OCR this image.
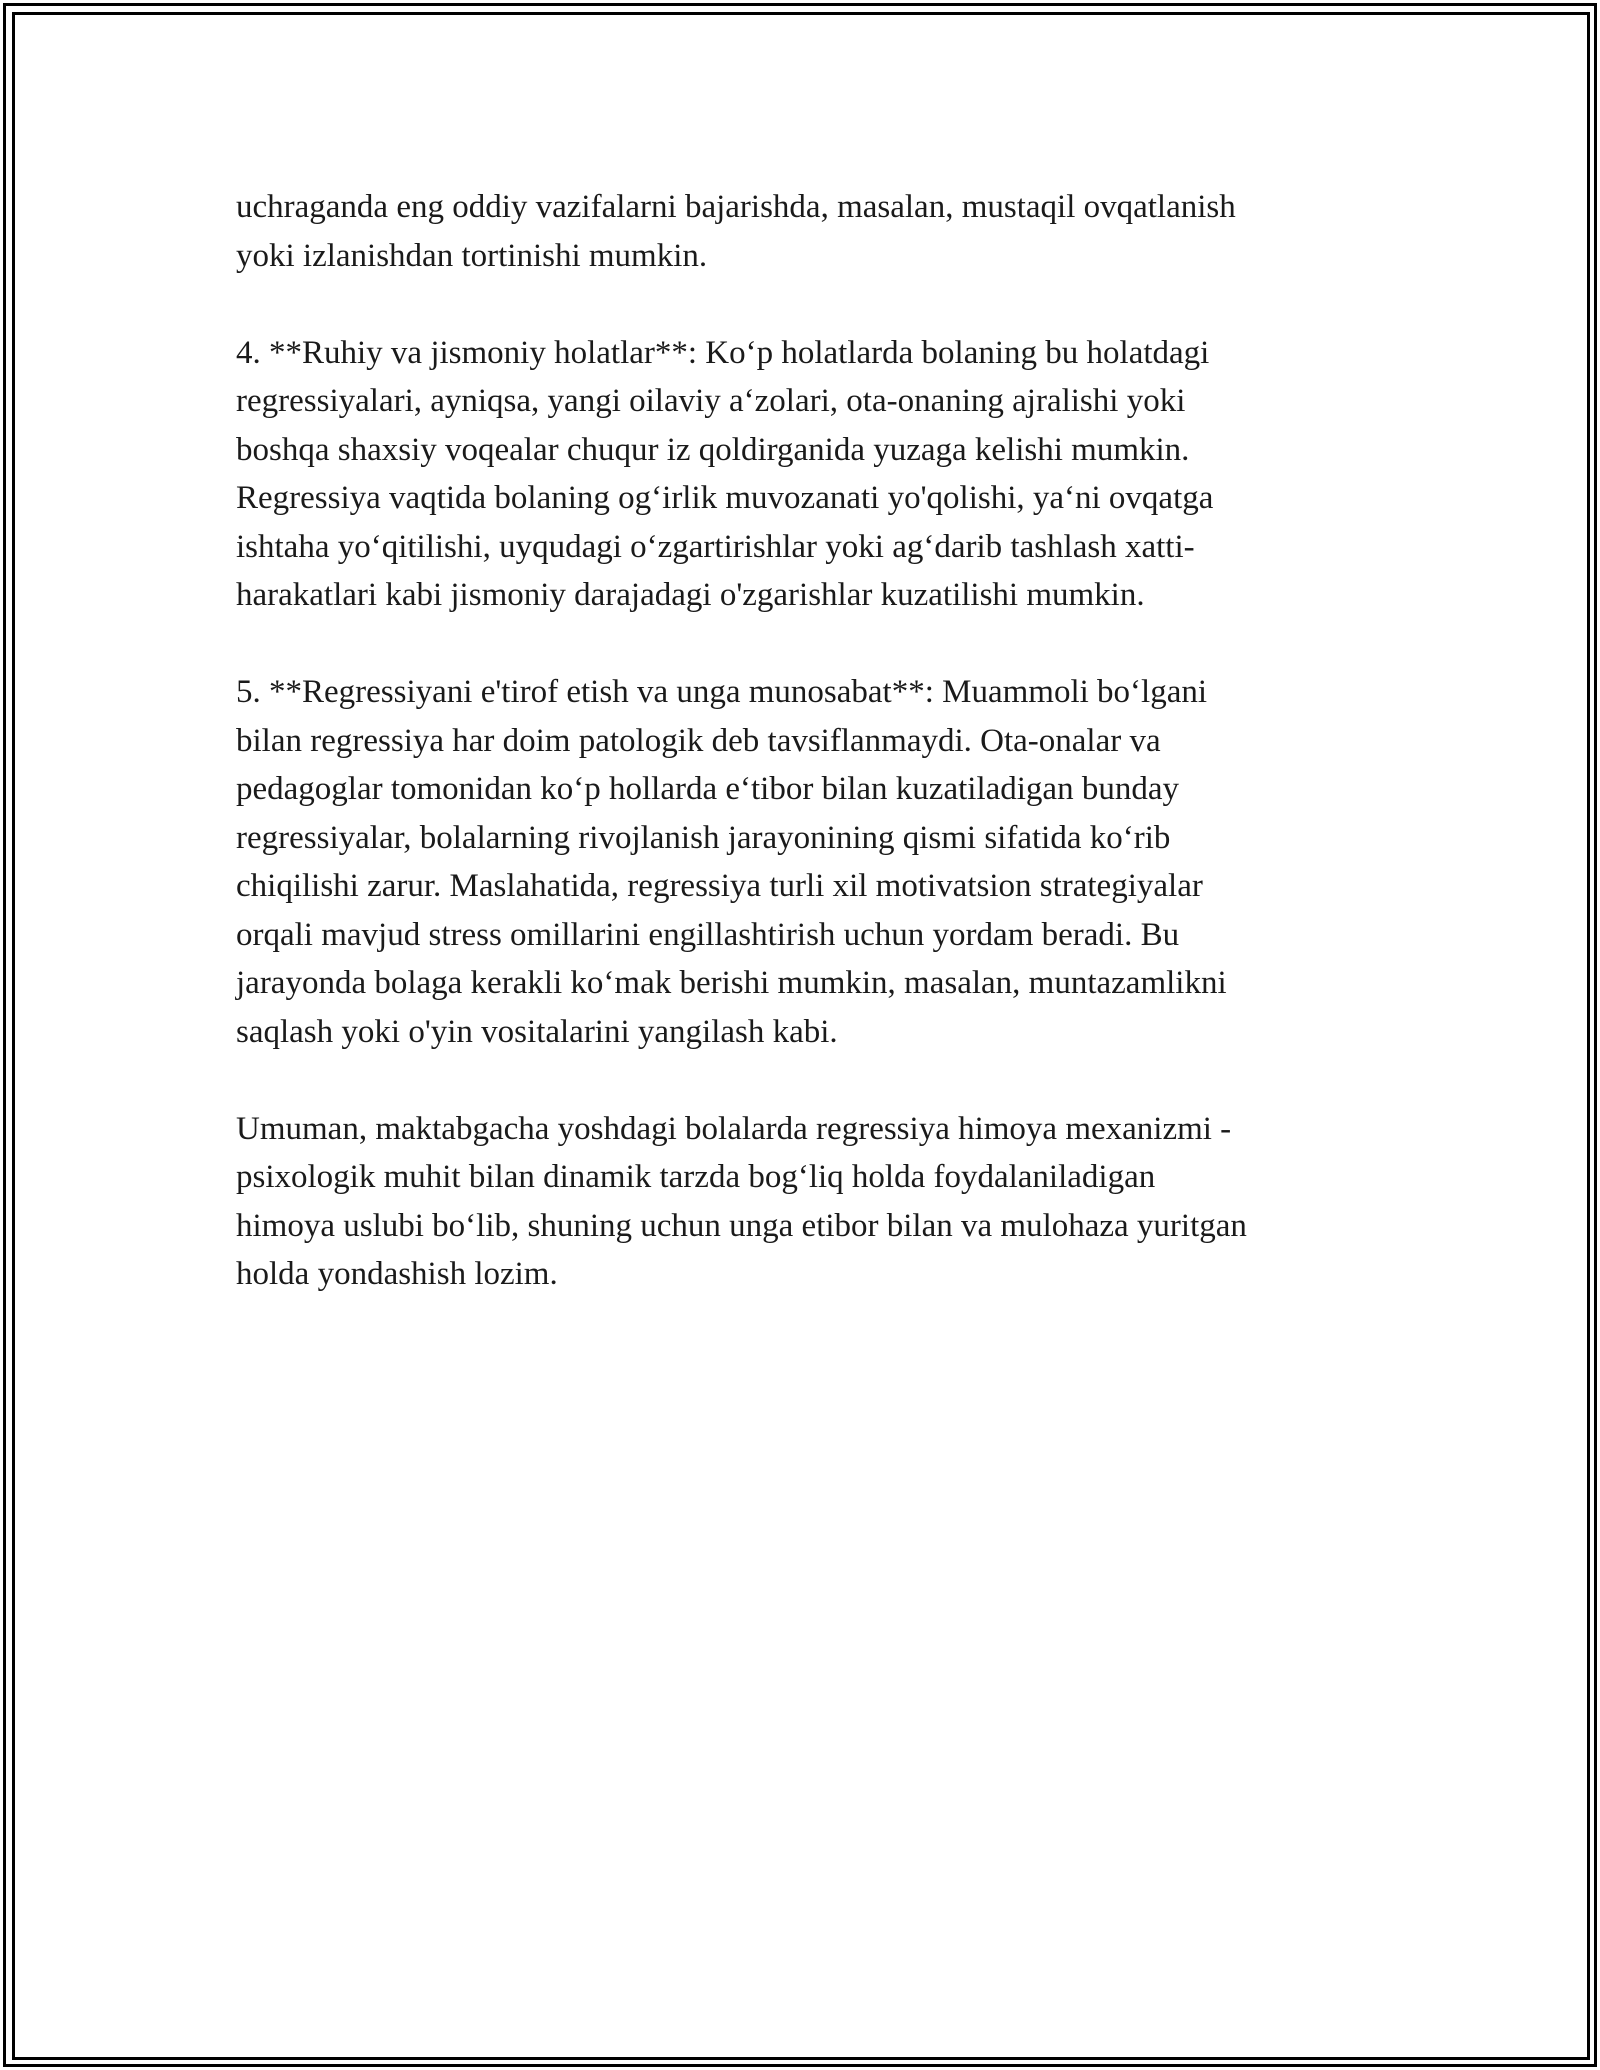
uchraganda eng oddiy vazifalarni bajarishda, masalan, mustaqil ovqatlanish
yoki izlanishdan tortinishi mumkin.

4. **Ruhiy va jismoniy holatlar**: Ko‘p holatlarda bolaning bu holatdagi
regressiyalari, ayniqsa, yangi oilaviy a‘zolari, ota-onaning ajralishi yoki
boshqa shaxsiy voqealar chuqur iz qoldirganida yuzaga kelishi mumkin.
Regressiya vaqtida bolaning og‘irlik muvozanati yo'qolishi, ya‘ni ovqatga
ishtaha yo‘qitilishi, uyqudagi o‘zgartirishlar yoki ag‘darib tashlash xatti-
harakatlari kabi jismoniy darajadagi o'zgarishlar kuzatilishi mumkin.

5. **Regressiyani e'tirof etish va unga munosabat**: Muammoli bo‘lgani
bilan regressiya har doim patologik deb tavsiflanmaydi. Ota-onalar va
pedagoglar tomonidan ko‘p hollarda e‘tibor bilan kuzatiladigan bunday
regressiyalar, bolalarning rivojlanish jarayonining qismi sifatida ko‘rib
chiqilishi zarur. Maslahatida, regressiya turli xil motivatsion strategiyalar
orqali mavjud stress omillarini engillashtirish uchun yordam beradi. Bu
jarayonda bolaga kerakli ko‘mak berishi mumkin, masalan, muntazamlikni
saqlash yoki o'yin vositalarini yangilash kabi.

Umuman, maktabgacha yoshdagi bolalarda regressiya himoya mexanizmi -
psixologik muhit bilan dinamik tarzda bog‘liq holda foydalaniladigan
himoya uslubi bo‘lib, shuning uchun unga etibor bilan va mulohaza yuritgan
holda yondashish lozim.
